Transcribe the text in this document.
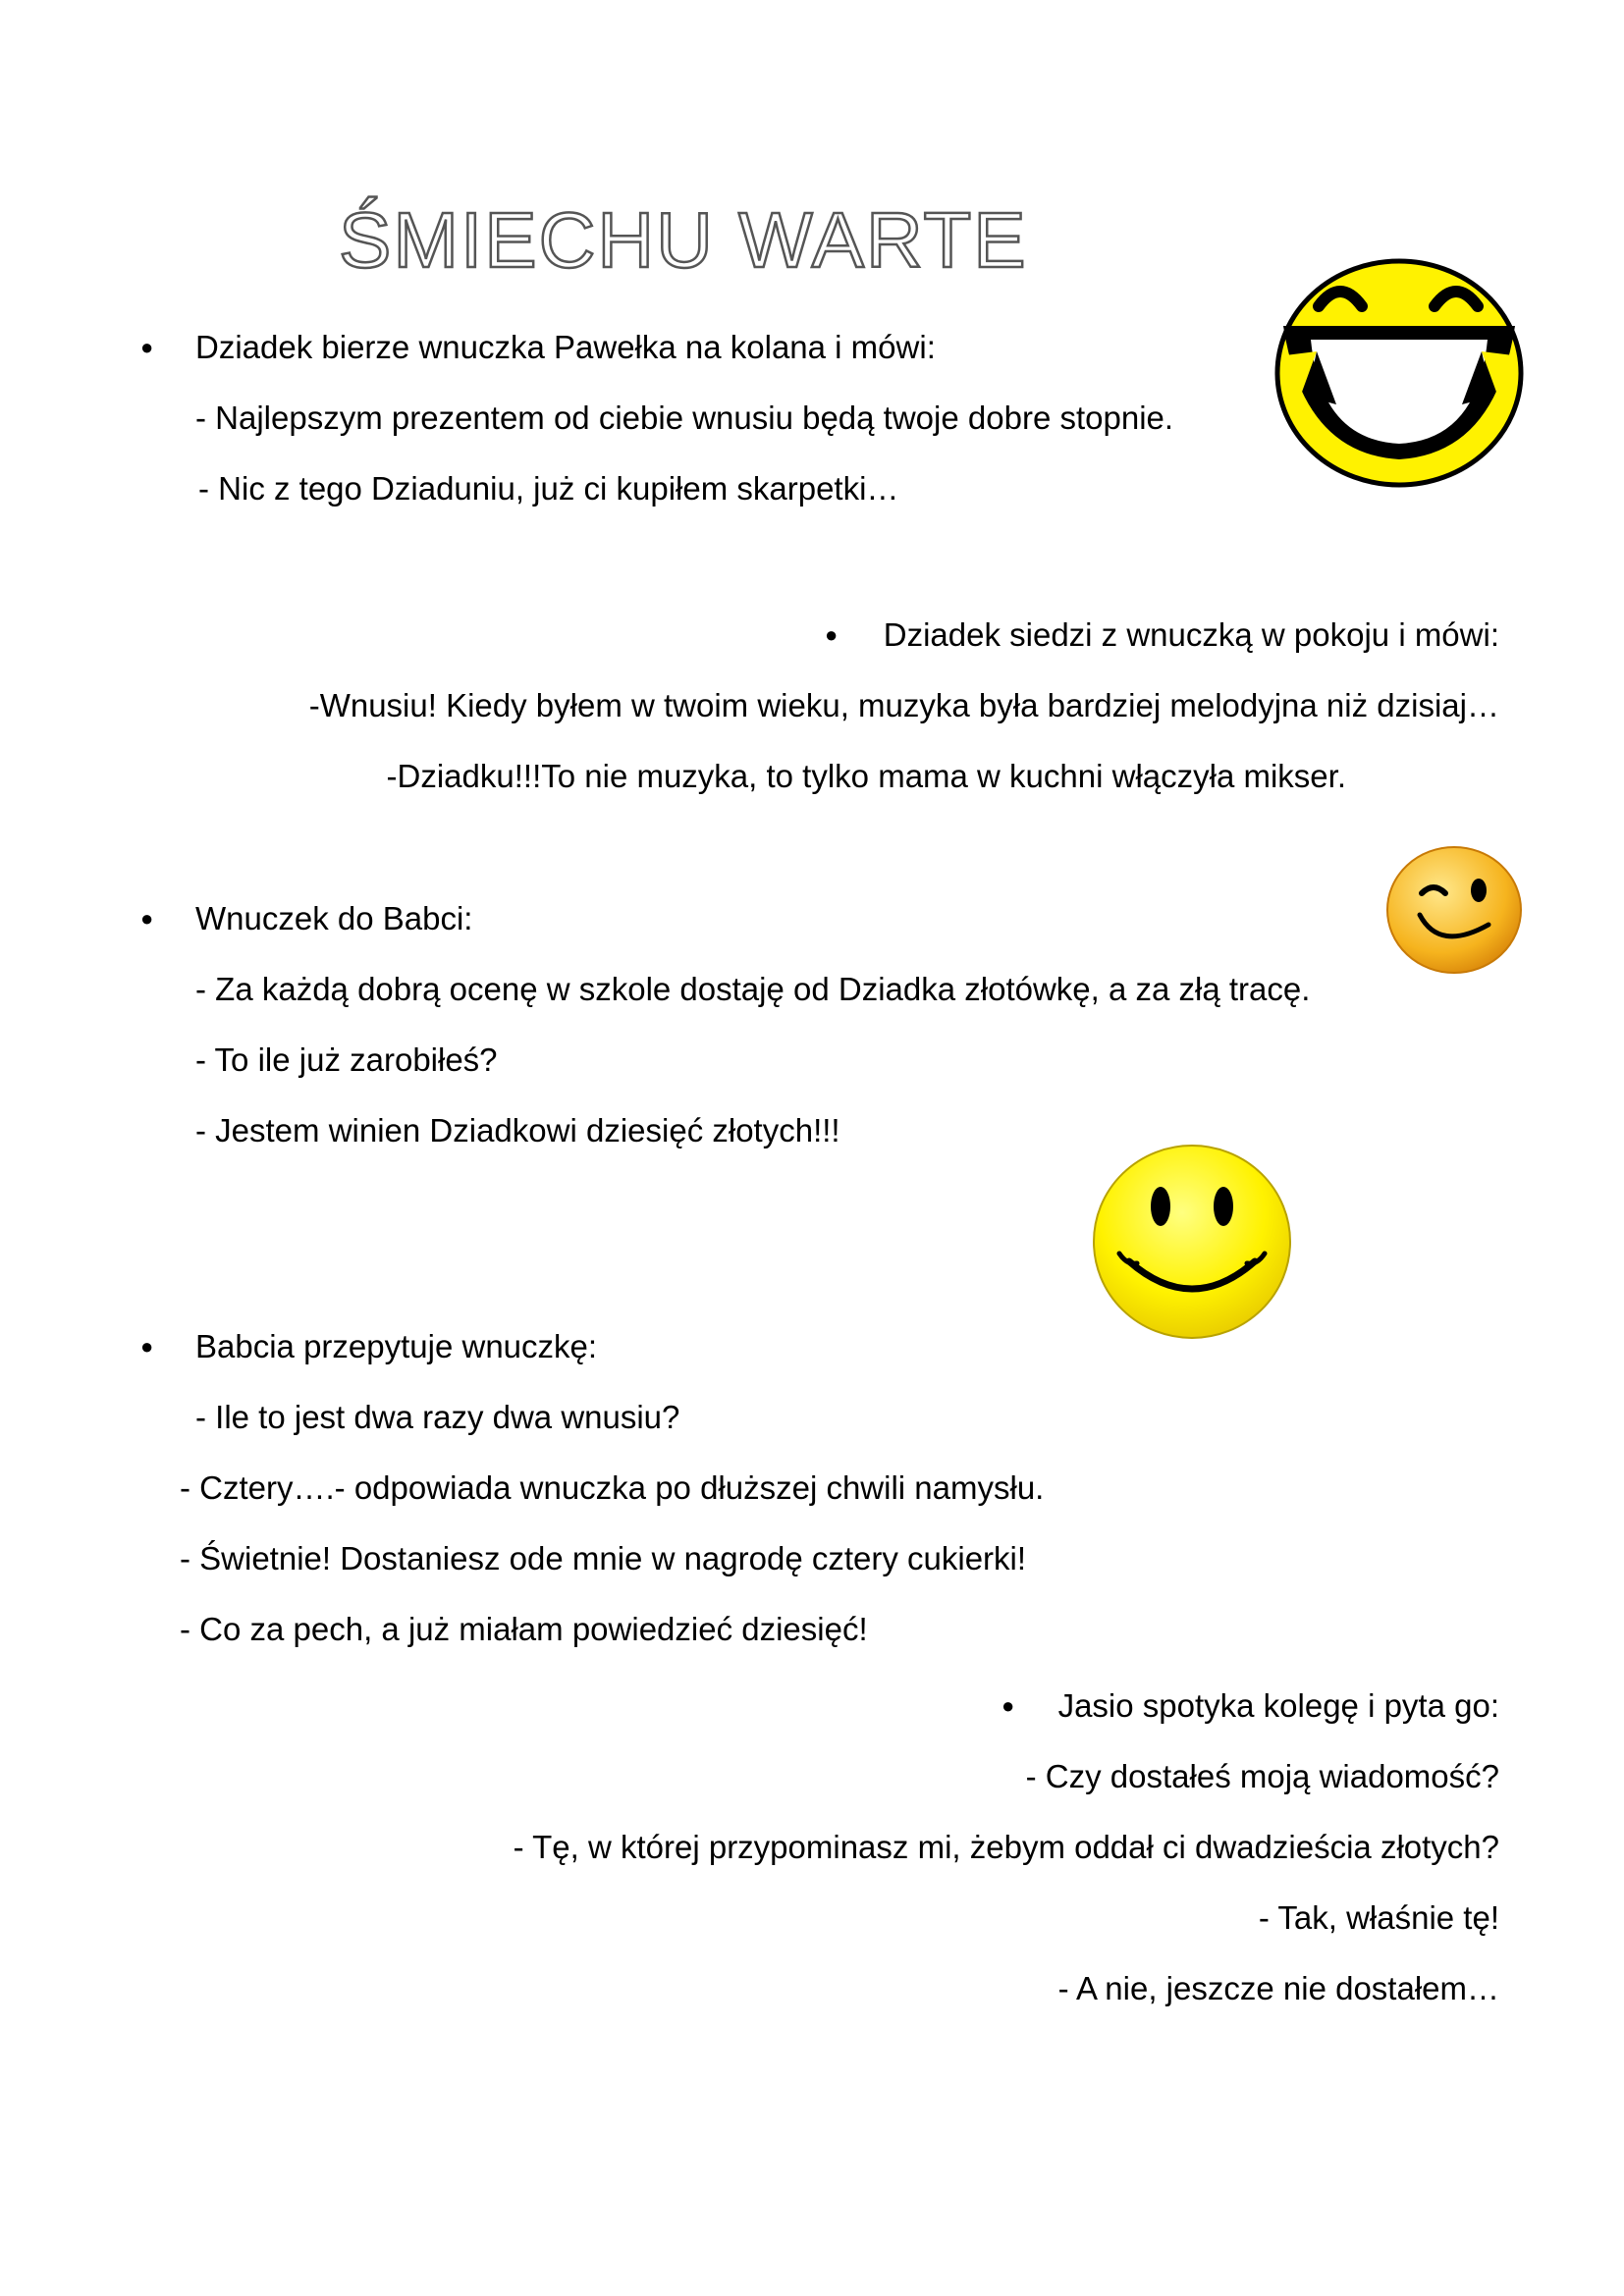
ŚMIECHU WARTE
● Dziadek bierze wnuczka Pawełka na kolana i mówi:
- Najlepszym prezentem od ciebie wnusiu będą twoje dobre stopnie.
- Nic z tego Dziaduniu, już ci kupiłem skarpetki…
● Dziadek siedzi z wnuczką w pokoju i mówi:
-Wnusiu! Kiedy byłem w twoim wieku, muzyka była bardziej melodyjna niż dzisiaj…
-Dziadku!!!To nie muzyka, to tylko mama w kuchni włączyła mikser.
● Wnuczek do Babci:
- Za każdą dobrą ocenę w szkole dostaję od Dziadka złotówkę, a za złą tracę.
- To ile już zarobiłeś?
- Jestem winien Dziadkowi dziesięć złotych!!!
● Babcia przepytuje wnuczkę:
- Ile to jest dwa razy dwa wnusiu?
- Cztery….- odpowiada wnuczka po dłuższej chwili namysłu.
- Świetnie! Dostaniesz ode mnie w nagrodę cztery cukierki!
- Co za pech, a już miałam powiedzieć dziesięć!
● Jasio spotyka kolegę i pyta go:
- Czy dostałeś moją wiadomość?
- Tę, w której przypominasz mi, żebym oddał ci dwadzieścia złotych?
- Tak, właśnie tę!
- A nie, jeszcze nie dostałem…
